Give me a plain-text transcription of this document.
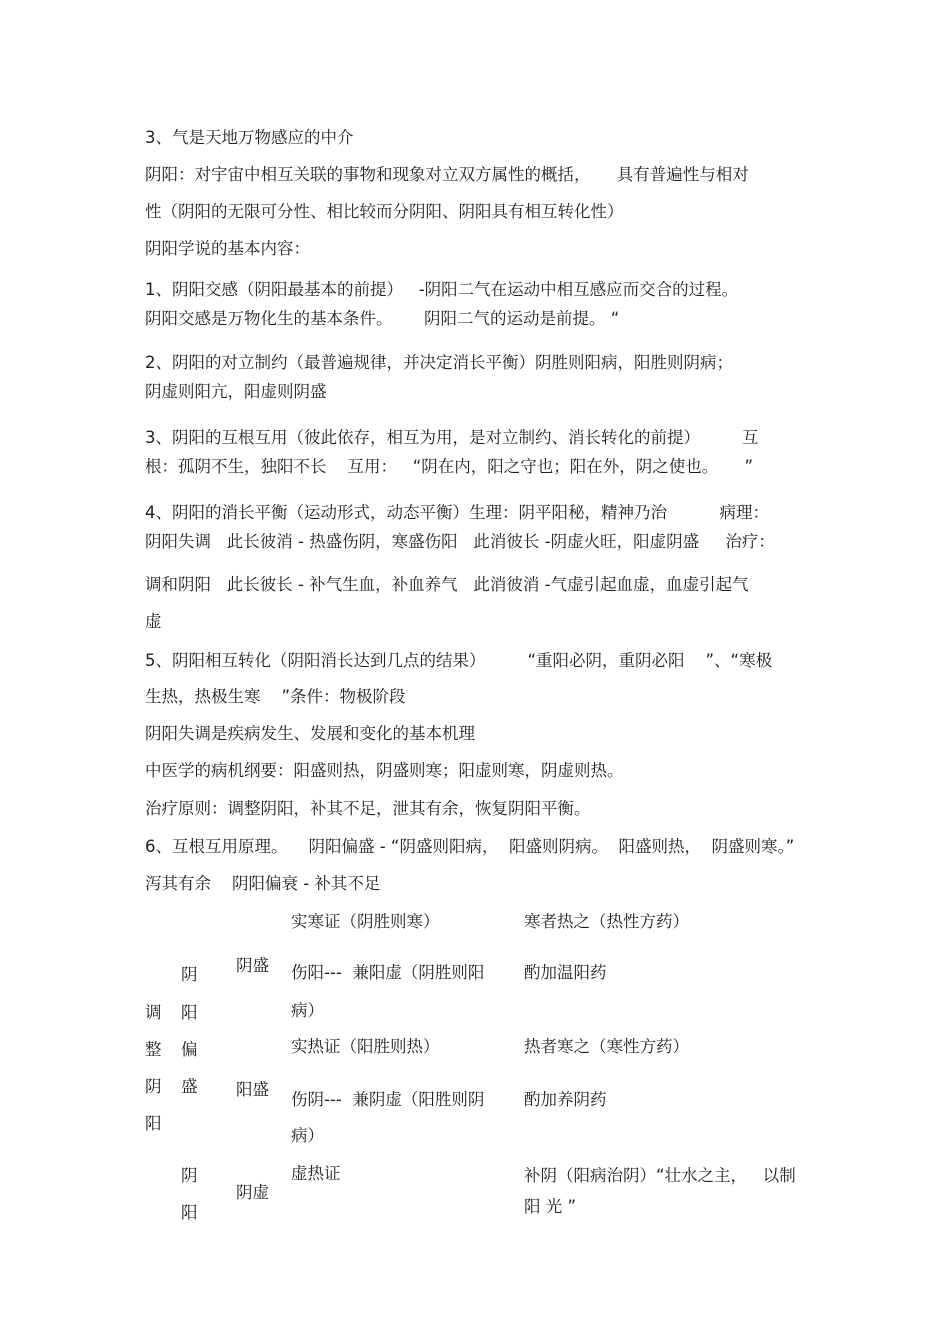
3、气是天地万物感应的中介
阴阳：对宇宙中相互关联的事物和现象对立双方属性的概括，     具有普遍性与相对
性（阴阳的无限可分性、相比较而分阴阳、阴阳具有相互转化性）
阴阳学说的基本内容：
1、阴阳交感（阴阳最基本的前提）   -阴阳二气在运动中相互感应而交合的过程。
阴阳交感是万物化生的基本条件。      阴阳二气的运动是前提。 “
2、阴阳的对立制约（最普遍规律，并决定消长平衡）阴胜则阳病，阳胜则阴病；
阴虚则阳亢，阳虚则阴盛
3、阴阳的互根互用（彼此依存，相互为用，是对立制约、消长转化的前提）        互
根：孤阴不生，独阳不长    互用：   “阴在内，阳之守也；阳在外，阴之使也。     ”
4、阴阳的消长平衡（运动形式，动态平衡）生理：阴平阳秘，精神乃治          病理：
阴阳失调   此长彼消 - 热盛伤阴，寒盛伤阳   此消彼长 -阴虚火旺，阳虚阴盛     治疗：
调和阴阳   此长彼长 - 补气生血，补血养气   此消彼消 -气虚引起血虚，血虚引起气
虚
5、阴阳相互转化（阴阳消长达到几点的结果）        “重阳必阴，重阴必阳    ”、“寒极
生热，热极生寒    ”条件：物极阶段
阴阳失调是疾病发生、发展和变化的基本机理
中医学的病机纲要：阳盛则热，阴盛则寒；阳虚则寒，阴虚则热。
治疗原则：调整阴阳，补其不足，泄其有余，恢复阴阳平衡。
6、互根互用原理。    阴阳偏盛 - “阴盛则阳病，  阳盛则阴病。  阳盛则热，  阴盛则寒。”
泻其有余    阴阳偏衰 - 补其不足
调
整
阴
阳
阴
阳
偏
盛
阴
阳
阴盛
阳盛
阴虚
实寒证（阴胜则寒）
伤阳---  兼阳虚（阴胜则阳
病）
实热证（阳胜则热）
伤阴---  兼阴虚（阳胜则阴
病）
虚热证
寒者热之（热性方药）
酌加温阳药
热者寒之（寒性方药）
酌加养阴药
补阴（阳病治阴）“壮水之主，   以制
阳 光 ”
